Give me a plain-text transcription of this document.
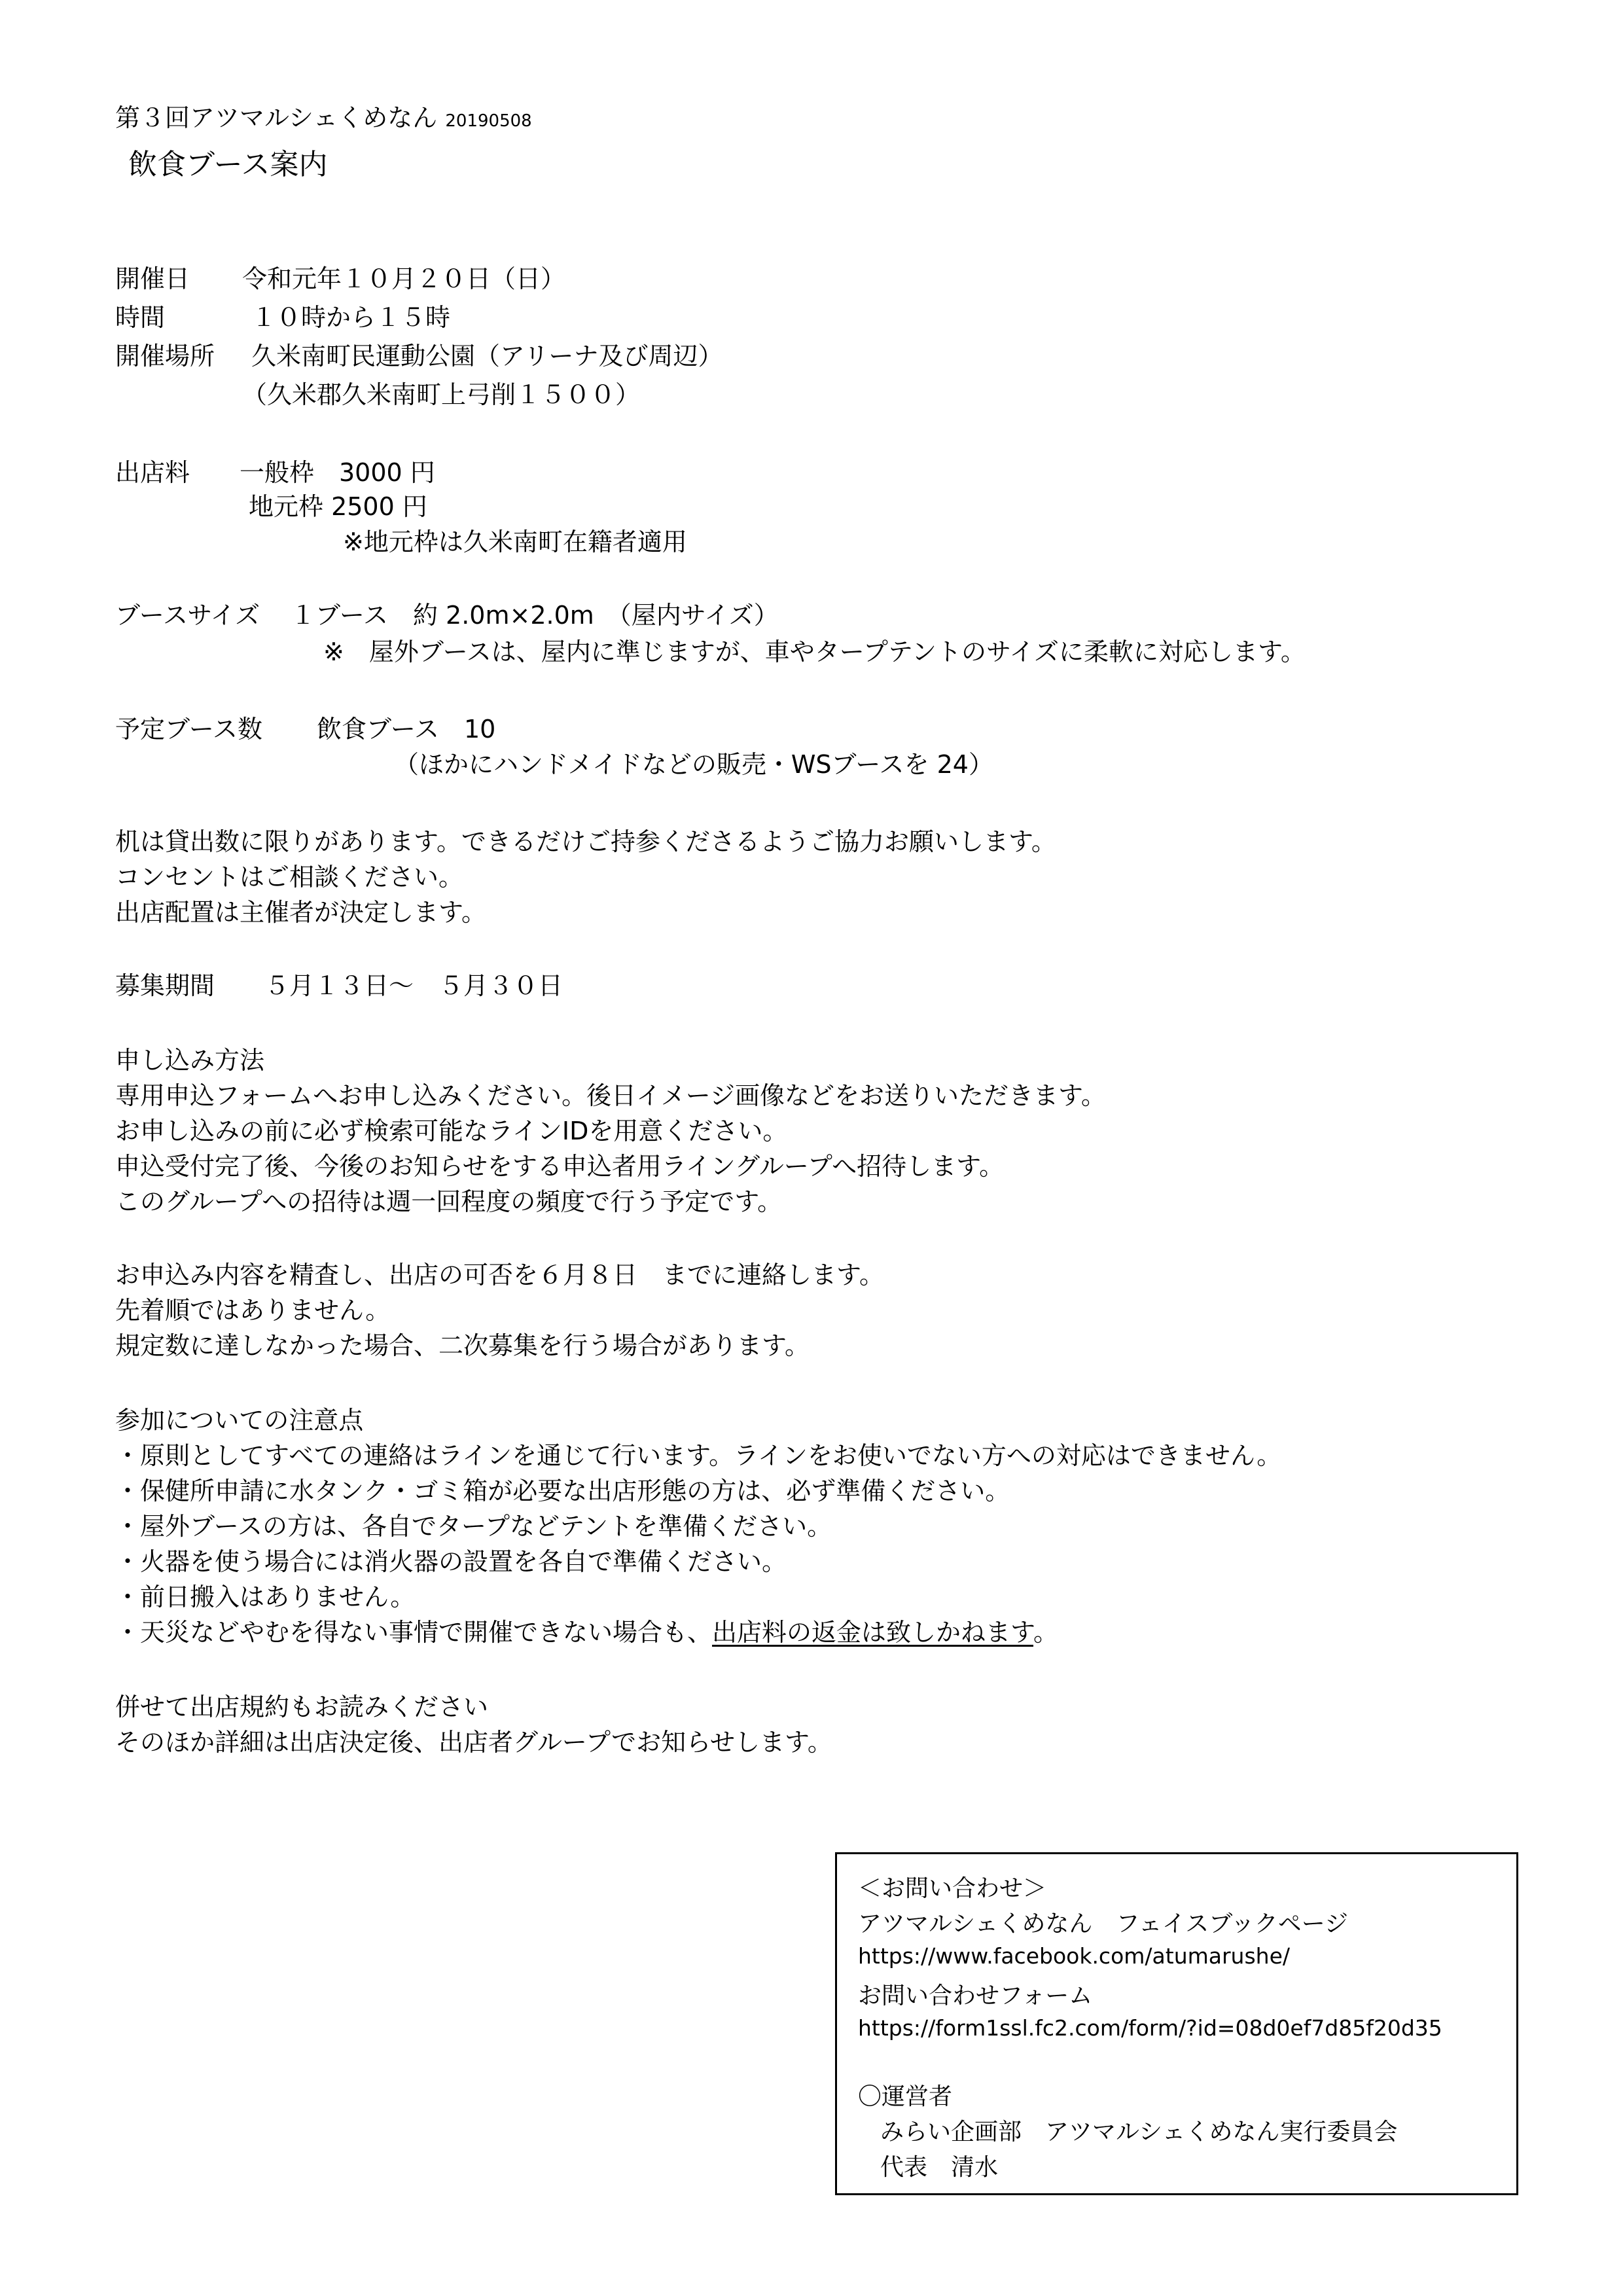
第３回アツマルシェくめなん 20190508
飲食ブース案内
開催日 令和元年１０月２０日（日）
時間	１０時から１５時
開催場所 久米南町民運動公園（アリーナ及び周辺）
（久米郡久米南町上弓削１５００）
出店料 一般枠　3000 円
地元枠 2500 円
※地元枠は久米南町在籍者適用
ブースサイズ １ブース　約 2.0m×2.0m　（屋内サイズ）
※　屋外ブースは、屋内に準じますが、車やタープテントのサイズに柔軟に対応します。
予定ブース数 飲食ブース　10
（ほかにハンドメイドなどの販売・WSブースを 24）
机は貸出数に限りがあります。できるだけご持参くださるようご協力お願いします。
コンセントはご相談ください。
出店配置は主催者が決定します。
募集期間 ５月１３日～　５月３０日
申し込み方法
専用申込フォームへお申し込みください。後日イメージ画像などをお送りいただきます。
お申し込みの前に必ず検索可能なラインIDを用意ください。
申込受付完了後、今後のお知らせをする申込者用ライングループへ招待します。
このグループへの招待は週一回程度の頻度で行う予定です。
お申込み内容を精査し、出店の可否を６月８日　までに連絡します。
先着順ではありません。
規定数に達しなかった場合、二次募集を行う場合があります。
参加についての注意点
・原則としてすべての連絡はラインを通じて行います。ラインをお使いでない方への対応はできません。
・保健所申請に水タンク・ゴミ箱が必要な出店形態の方は、必ず準備ください。
・屋外ブースの方は、各自でタープなどテントを準備ください。
・火器を使う場合には消火器の設置を各自で準備ください。
・前日搬入はありません。
・天災などやむを得ない事情で開催できない場合も、出店料の返金は致しかねます。
併せて出店規約もお読みください
そのほか詳細は出店決定後、出店者グループでお知らせします。
＜お問い合わせ＞
アツマルシェくめなん　フェイスブックページ
https://www.facebook.com/atumarushe/
お問い合わせフォーム
https://form1ssl.fc2.com/form/?id=08d0ef7d85f20d35
〇運営者
みらい企画部　アツマルシェくめなん実行委員会
代表　清水
